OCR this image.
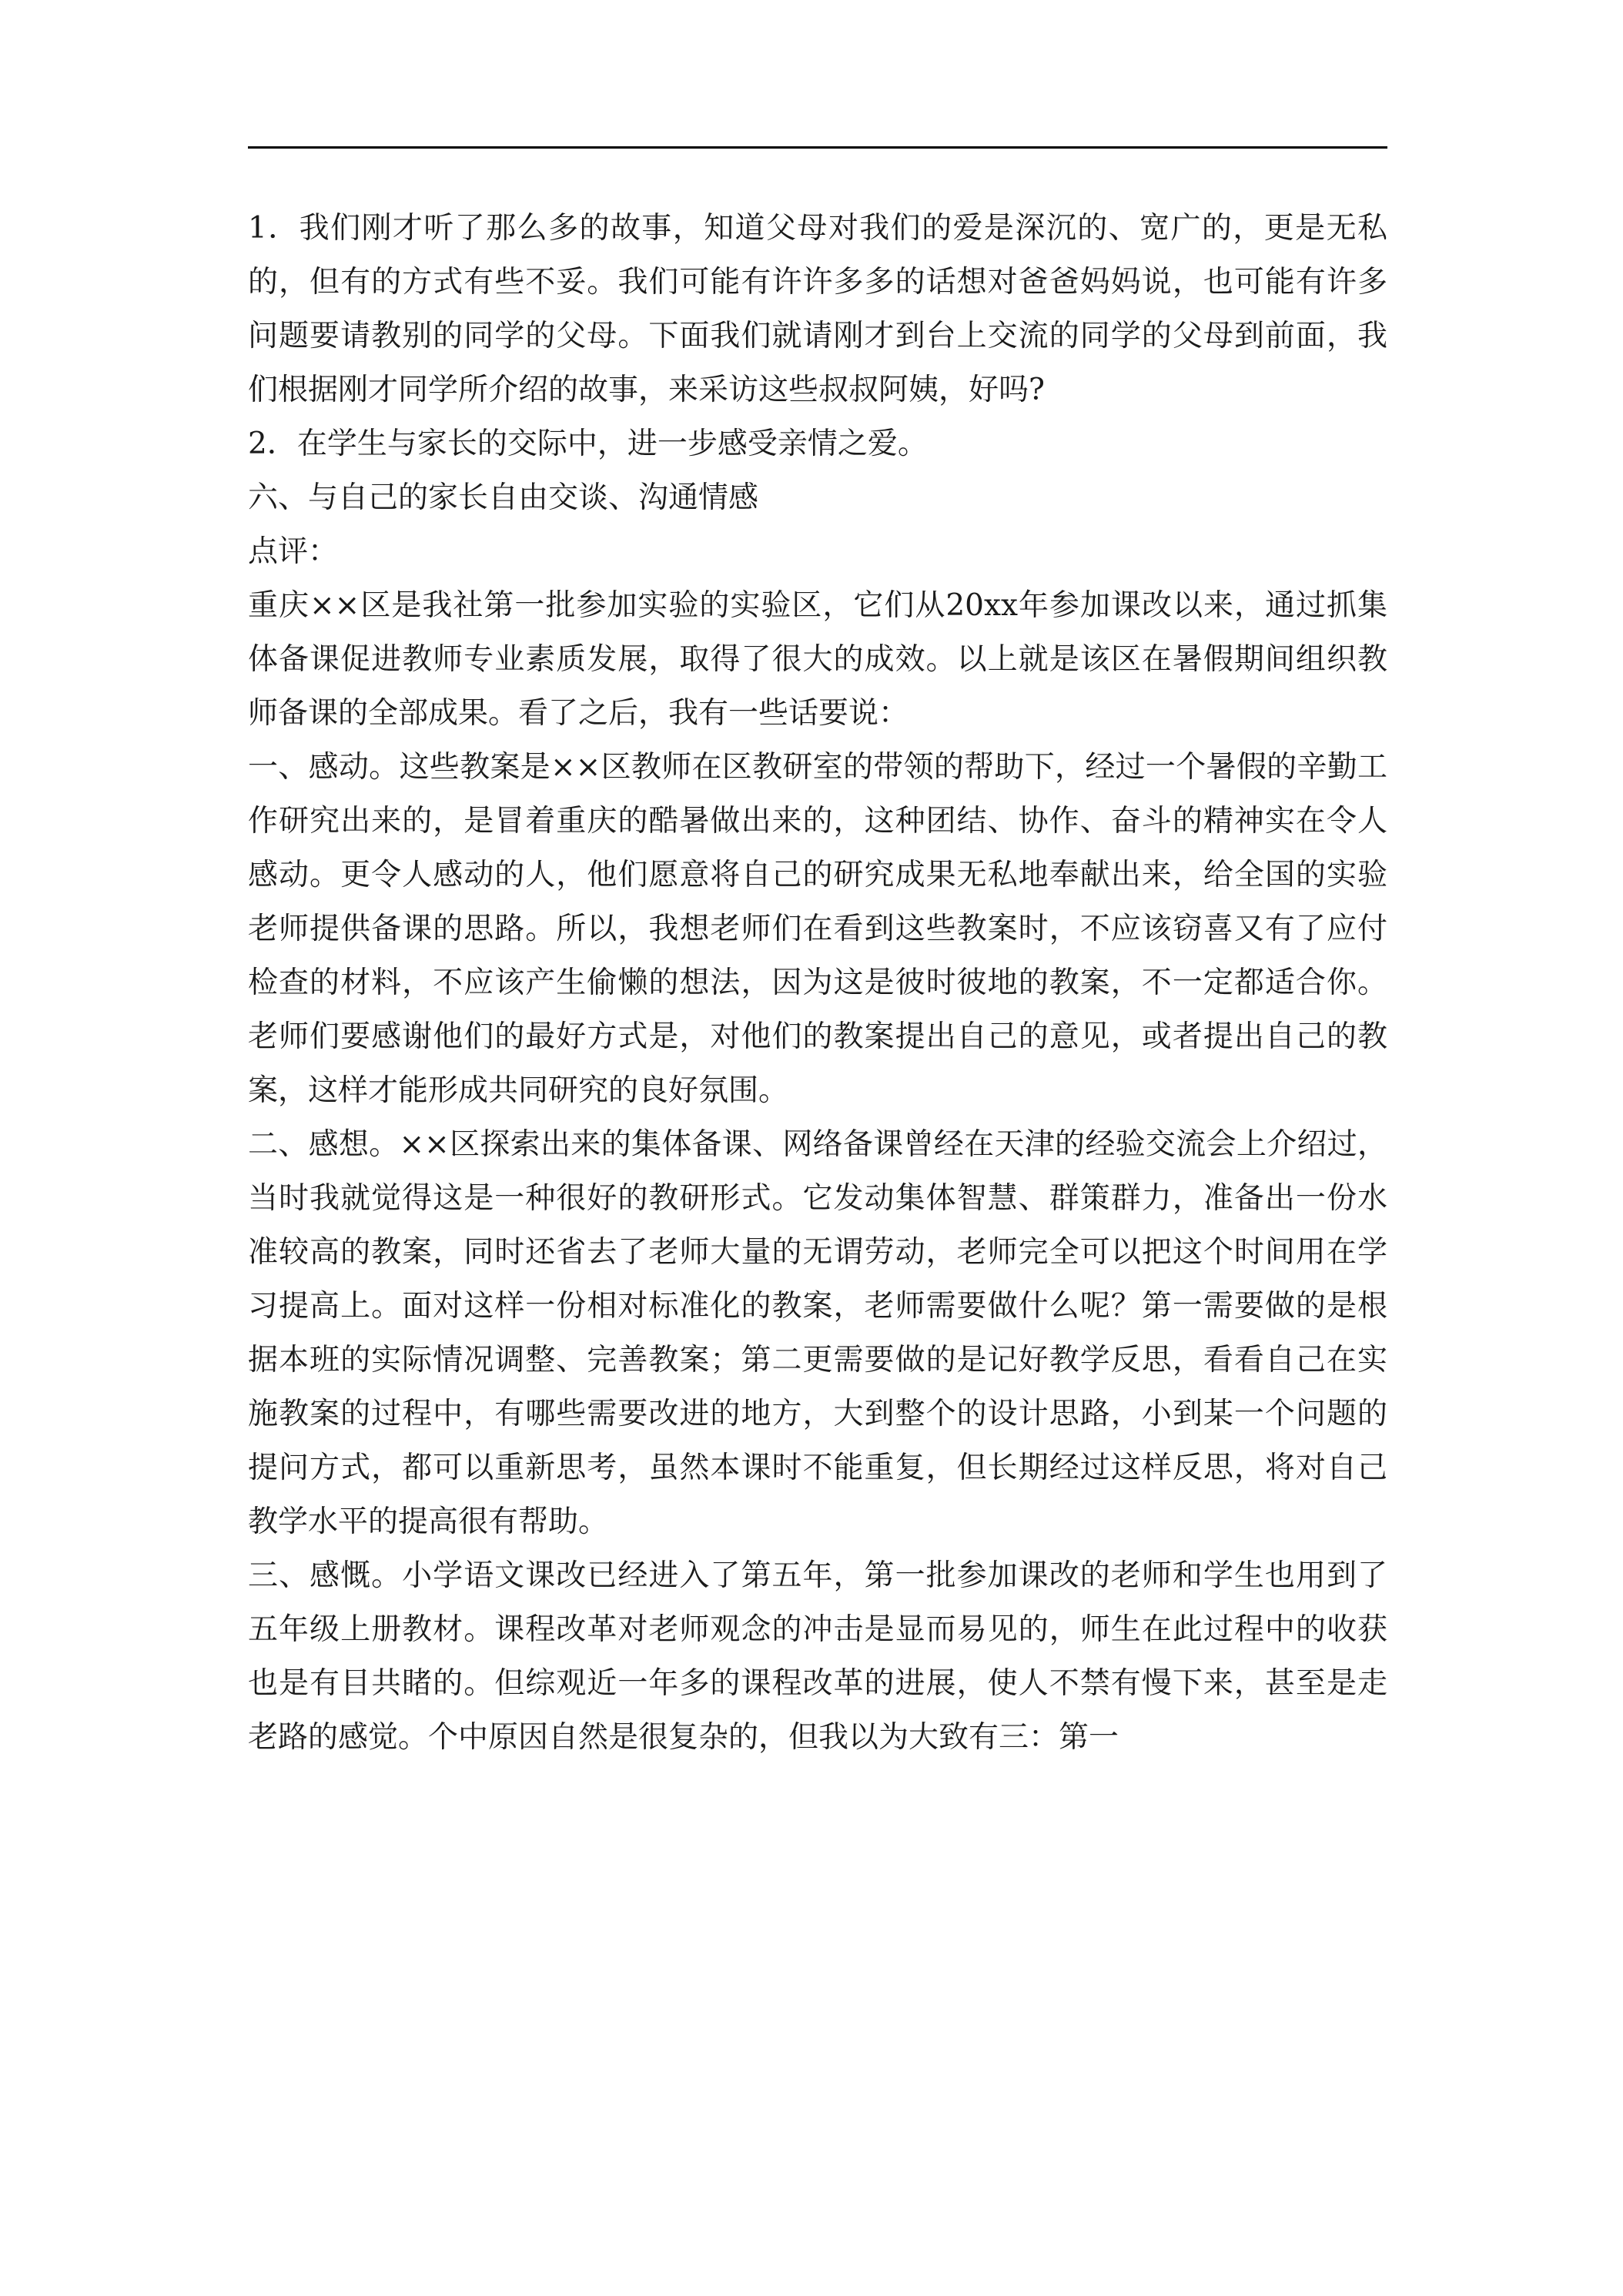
1．我们刚才听了那么多的故事，知道父母对我们的爱是深沉的、宽广的，更是无私的，但有的方式有些不妥。我们可能有许许多多的话想对爸爸妈妈说，也可能有许多问题要请教别的同学的父母。下面我们就请刚才到台上交流的同学的父母到前面，我们根据刚才同学所介绍的故事，来采访这些叔叔阿姨，好吗?

2．在学生与家长的交际中，进一步感受亲情之爱。

六、与自己的家长自由交谈、沟通情感

点评：

重庆××区是我社第一批参加实验的实验区，它们从20xx年参加课改以来，通过抓集体备课促进教师专业素质发展，取得了很大的成效。以上就是该区在暑假期间组织教师备课的全部成果。看了之后，我有一些话要说：

一、感动。这些教案是××区教师在区教研室的带领的帮助下，经过一个暑假的辛勤工作研究出来的，是冒着重庆的酷暑做出来的，这种团结、协作、奋斗的精神实在令人感动。更令人感动的人，他们愿意将自己的研究成果无私地奉献出来，给全国的实验老师提供备课的思路。所以，我想老师们在看到这些教案时，不应该窃喜又有了应付检查的材料，不应该产生偷懒的想法，因为这是彼时彼地的教案，不一定都适合你。老师们要感谢他们的最好方式是，对他们的教案提出自己的意见，或者提出自己的教案，这样才能形成共同研究的良好氛围。

二、感想。××区探索出来的集体备课、网络备课曾经在天津的经验交流会上介绍过，当时我就觉得这是一种很好的教研形式。它发动集体智慧、群策群力，准备出一份水准较高的教案，同时还省去了老师大量的无谓劳动，老师完全可以把这个时间用在学习提高上。面对这样一份相对标准化的教案，老师需要做什么呢？第一需要做的是根据本班的实际情况调整、完善教案；第二更需要做的是记好教学反思，看看自己在实施教案的过程中，有哪些需要改进的地方，大到整个的设计思路，小到某一个问题的提问方式，都可以重新思考，虽然本课时不能重复，但长期经过这样反思，将对自己教学水平的提高很有帮助。

三、感慨。小学语文课改已经进入了第五年，第一批参加课改的老师和学生也用到了五年级上册教材。课程改革对老师观念的冲击是显而易见的，师生在此过程中的收获也是有目共睹的。但综观近一年多的课程改革的进展，使人不禁有慢下来，甚至是走老路的感觉。个中原因自然是很复杂的，但我以为大致有三：第一
